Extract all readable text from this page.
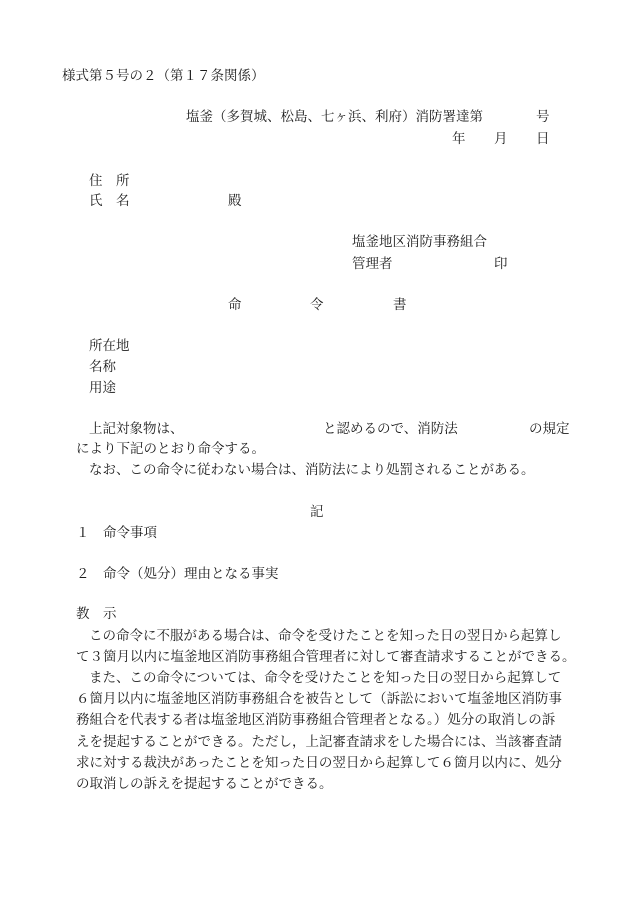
様式第５号の２（第１７条関係）
塩釜（多賀城、松島、七ヶ浜、利府）消防署達第	号
年 月 日
住　所
氏　名	殿
塩釜地区消防事務組合
管理者	印
命	令	書
所在地
名称
用途
上記対象物は、	と認めるので、消防法	の規定
により下記のとおり命令する。
なお、この命令に従わない場合は、消防法により処罰されることがある。
記
１　命令事項
２　命令（処分）理由となる事実
教　示
この命令に不服がある場合は、命令を受けたことを知った日の翌日から起算し
て３箇月以内に塩釜地区消防事務組合管理者に対して審査請求することができる。
また、この命令については、命令を受けたことを知った日の翌日から起算して
６箇月以内に塩釜地区消防事務組合を被告として（訴訟において塩釜地区消防事
務組合を代表する者は塩釜地区消防事務組合管理者となる。）処分の取消しの訴
えを提起することができる。ただし，上記審査請求をした場合には、当該審査請
求に対する裁決があったことを知った日の翌日から起算して６箇月以内に、処分
の取消しの訴えを提起することができる。
